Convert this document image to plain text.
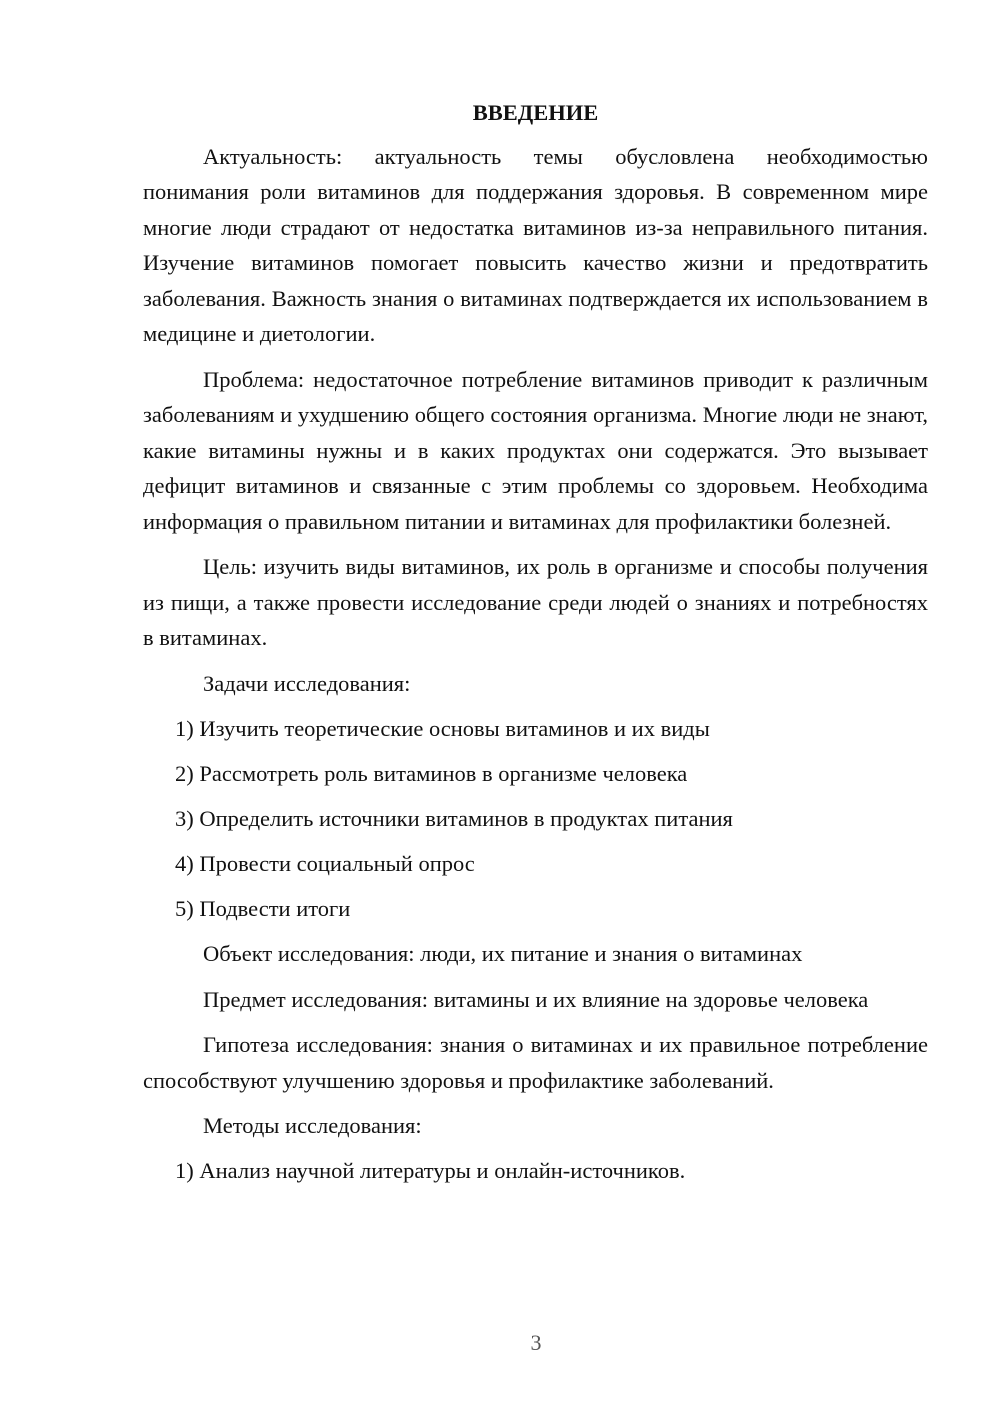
ВВЕДЕНИЕ

Актуальность: актуальность темы обусловлена необходимостью понимания роли витаминов для поддержания здоровья. В современном мире многие люди страдают от недостатка витаминов из-за неправильного питания. Изучение витаминов помогает повысить качество жизни и предотвратить заболевания. Важность знания о витаминах подтверждается их использованием в медицине и диетологии.

Проблема: недостаточное потребление витаминов приводит к различным заболеваниям и ухудшению общего состояния организма. Многие люди не знают, какие витамины нужны и в каких продуктах они содержатся. Это вызывает дефицит витаминов и связанные с этим проблемы со здоровьем. Необходима информация о правильном питании и витаминах для профилактики болезней.

Цель: изучить виды витаминов, их роль в организме и способы получения из пищи, а также провести исследование среди людей о знаниях и потребностях в витаминах.

Задачи исследования:

1) Изучить теоретические основы витаминов и их виды

2) Рассмотреть роль витаминов в организме человека

3) Определить источники витаминов в продуктах питания

4) Провести социальный опрос

5) Подвести итоги

Объект исследования: люди, их питание и знания о витаминах

Предмет исследования: витамины и их влияние на здоровье человека

Гипотеза исследования: знания о витаминах и их правильное потребление способствуют улучшению здоровья и профилактике заболеваний.

Методы исследования:

1) Анализ научной литературы и онлайн-источников.

3
